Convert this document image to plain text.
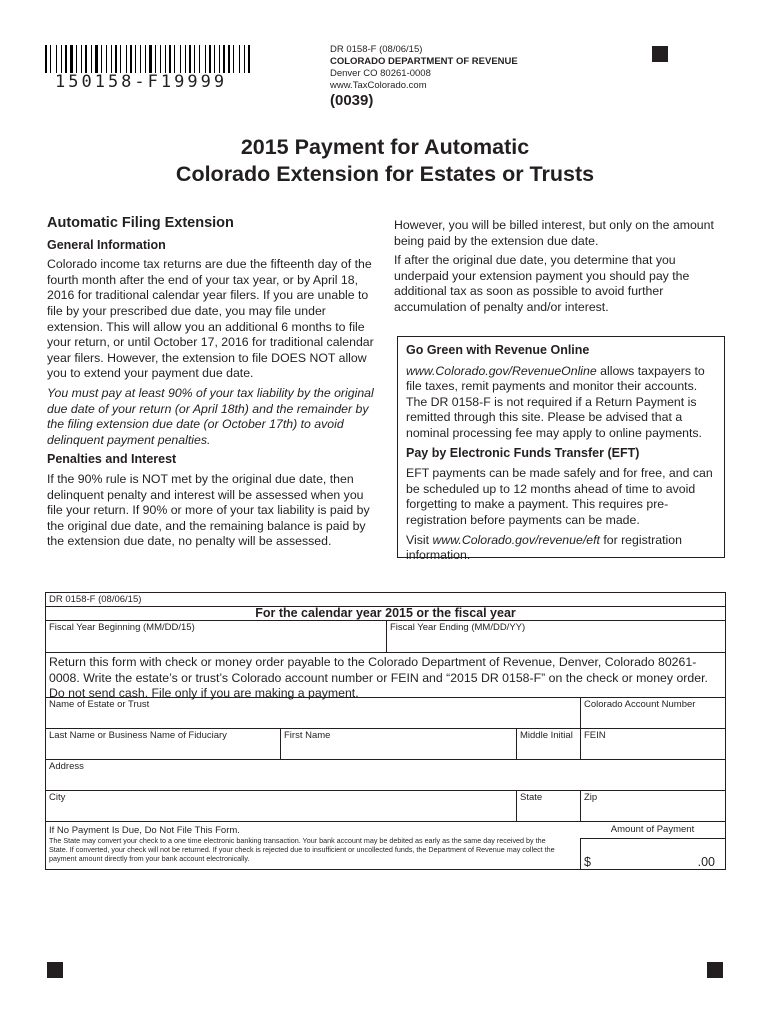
150158-F19999
DR 0158-F (08/06/15)
COLORADO DEPARTMENT OF REVENUE
Denver CO 80261-0008
www.TaxColorado.com
(0039)
2015 Payment for Automatic
Colorado Extension for Estates or Trusts
Automatic Filing Extension
General Information

Colorado income tax returns are due the fifteenth day of the fourth month after the end of your tax year, or by April 18, 2016 for traditional calendar year filers. If you are unable to file by your prescribed due date, you may file under extension. This will allow you an additional 6 months to file your return, or until October 17, 2016 for traditional calendar year filers. However, the extension to file DOES NOT allow you to extend your payment due date.

You must pay at least 90% of your tax liability by the original due date of your return (or April 18th) and the remainder by the filing extension due date (or October 17th) to avoid delinquent payment penalties.

Penalties and Interest

If the 90% rule is NOT met by the original due date, then delinquent penalty and interest will be assessed when you file your return. If 90% or more of your tax liability is paid by the original due date, and the remaining balance is paid by the extension due date, no penalty will be assessed.

However, you will be billed interest, but only on the amount being paid by the extension due date.

If after the original due date, you determine that you underpaid your extension payment you should pay the additional tax as soon as possible to avoid further accumulation of penalty and/or interest.

Go Green with Revenue Online

www.Colorado.gov/RevenueOnline allows taxpayers to file taxes, remit payments and monitor their accounts. The DR 0158-F is not required if a Return Payment is remitted through this site. Please be advised that a nominal processing fee may apply to online payments.

Pay by Electronic Funds Transfer (EFT)

EFT payments can be made safely and for free, and can be scheduled up to 12 months ahead of time to avoid forgetting to make a payment. This requires pre-registration before payments can be made.

Visit www.Colorado.gov/revenue/eft for registration information.

DR 0158-F (08/06/15)
For the calendar year 2015 or the fiscal year
Fiscal Year Beginning (MM/DD/15)	Fiscal Year Ending (MM/DD/YY)
Return this form with check or money order payable to the Colorado Department of Revenue, Denver, Colorado 80261-0008. Write the estate’s or trust’s Colorado account number or FEIN and “2015 DR 0158-F” on the check or money order. Do not send cash. File only if you are making a payment.
Name of Estate or Trust	Colorado Account Number
Last Name or Business Name of Fiduciary	First Name	Middle Initial	FEIN
Address
City	State	Zip
If No Payment Is Due, Do Not File This Form.
The State may convert your check to a one time electronic banking transaction. Your bank account may be debited as early as the same day received by the State. If converted, your check will not be returned. If your check is rejected due to insufficient or uncollected funds, the Department of Revenue may collect the payment amount directly from your bank account electronically.
Amount of Payment
$	.00
